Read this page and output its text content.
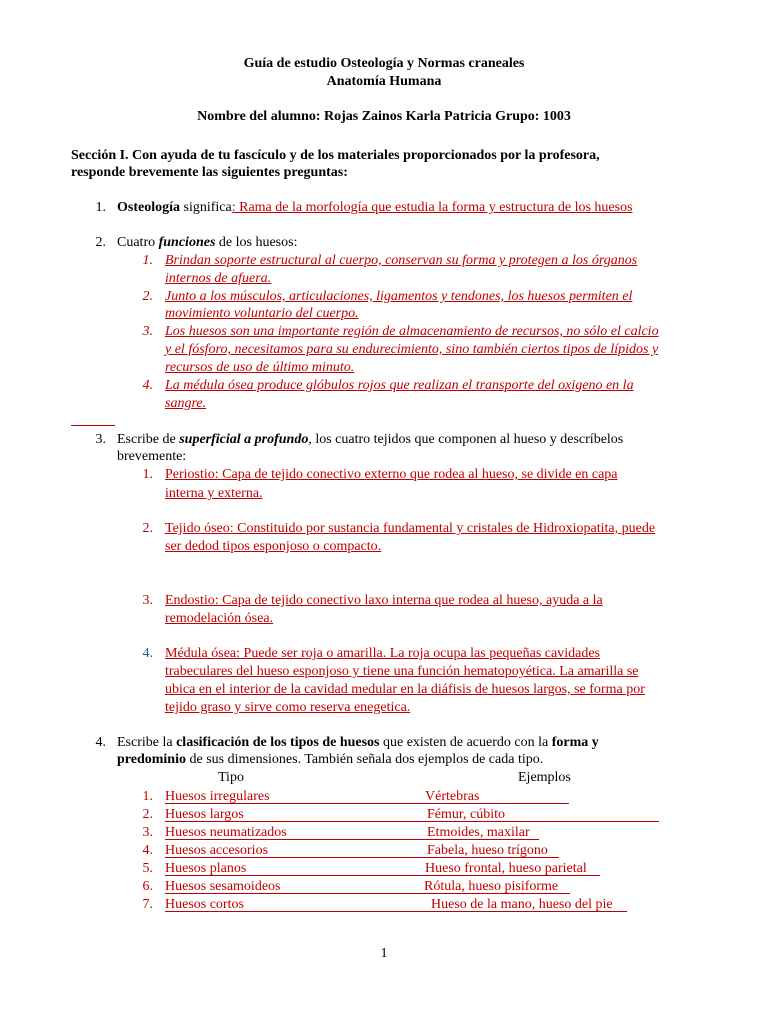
Guía de estudio Osteología y Normas craneales
Anatomía Humana
Nombre del alumno: Rojas Zainos Karla Patricia Grupo: 1003
Sección I. Con ayuda de tu fascículo y de los materiales proporcionados por la profesora,
responde brevemente las siguientes preguntas:
1. Osteología significa: Rama de la morfología que estudia la forma y estructura de los huesos
2. Cuatro funciones de los huesos:
1. Brindan soporte estructural al cuerpo, conservan su forma y protegen a los órganos
internos de afuera.
2. Junto a los músculos, articulaciones, ligamentos y tendones, los huesos permiten el
movimiento voluntario del cuerpo.
3. Los huesos son una importante región de almacenamiento de recursos, no sólo el calcio
y el fósforo, necesitamos para su endurecimiento, sino también ciertos tipos de lípidos y
recursos de uso de último minuto.
4. La médula ósea produce glóbulos rojos que realizan el transporte del oxigeno en la
sangre.
3. Escribe de superficial a profundo, los cuatro tejidos que componen al hueso y descríbelos
brevemente:
1. Periostio: Capa de tejido conectivo externo que rodea al hueso, se divide en capa
interna y externa.
2. Tejido óseo: Constituido por sustancia fundamental y cristales de Hidroxiopatita, puede
ser dedod tipos esponjoso o compacto.
3. Endostio: Capa de tejido conectivo laxo interna que rodea al hueso, ayuda a la
remodelación ósea.
4. Médula ósea: Puede ser roja o amarilla. La roja ocupa las pequeñas cavidades
trabeculares del hueso esponjoso y tiene una función hematopoyética. La amarilla se
ubica en el interior de la cavidad medular en la diáfisis de huesos largos, se forma por
tejido graso y sirve como reserva enegetica.
4. Escribe la clasificación de los tipos de huesos que existen de acuerdo con la forma y
predominio de sus dimensiones. También señala dos ejemplos de cada tipo.
Tipo	Ejemplos
1. Huesos irregulares	Vértebras
2. Huesos largos	Fémur, cúbito
3. Huesos neumatizados	Etmoides, maxilar
4. Huesos accesorios	Fabela, hueso trígono
5. Huesos planos	Hueso frontal, hueso parietal
6. Huesos sesamoideos	Rótula, hueso pisiforme
7. Huesos cortos	Hueso de la mano, hueso del pie
1
